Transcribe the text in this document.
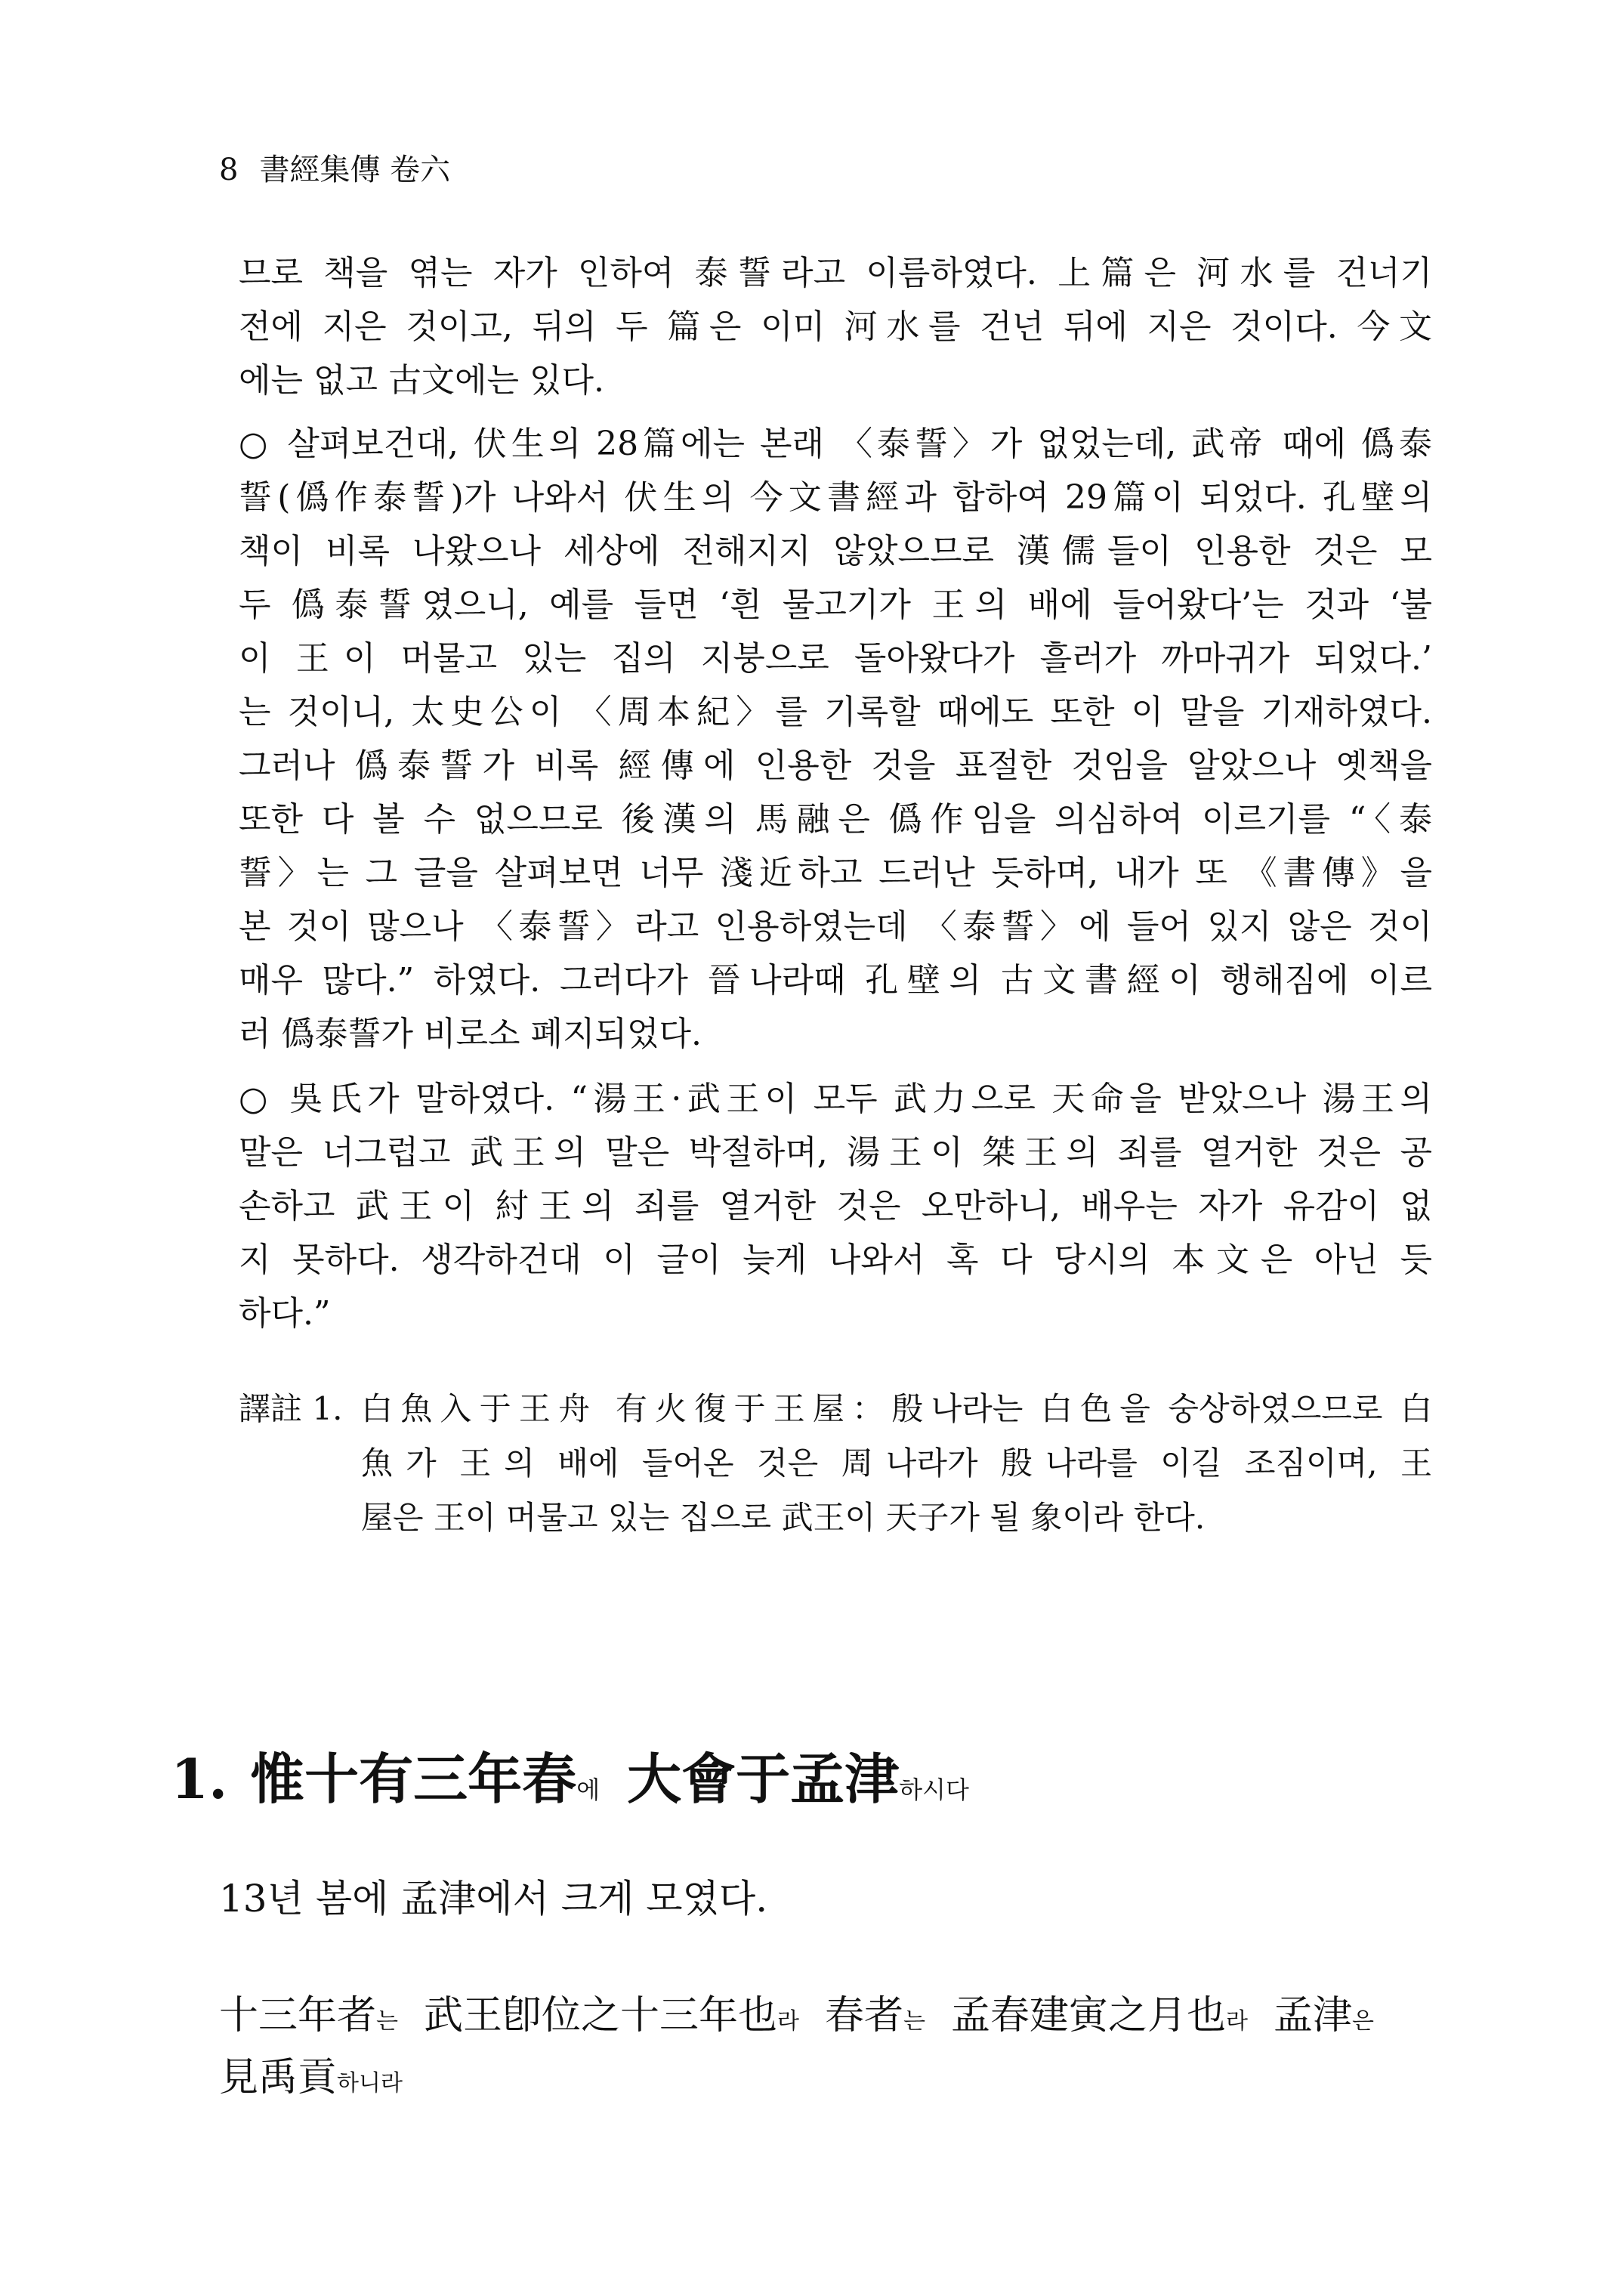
8 書經集傳 卷六
므로 책을 엮는 자가 인하여 泰誓라고 이름하였다. 上篇은 河水를 건너기
전에 지은 것이고, 뒤의 두 篇은 이미 河水를 건넌 뒤에 지은 것이다. 今文
에는 없고 古文에는 있다.
○ 살펴보건대, 伏生의 28篇에는 본래 〈泰誓〉가 없었는데, 武帝 때에 僞泰
誓(僞作泰誓)가 나와서 伏生의 今文書經과 합하여 29篇이 되었다. 孔壁의
책이 비록 나왔으나 세상에 전해지지 않았으므로 漢儒들이 인용한 것은 모
두 僞泰誓였으니, 예를 들면 ‘흰 물고기가 王의 배에 들어왔다’는 것과 ‘불
이 王이 머물고 있는 집의 지붕으로 돌아왔다가 흘러가 까마귀가 되었다.’
는 것이니, 太史公이 〈周本紀〉를 기록할 때에도 또한 이 말을 기재하였다.
그러나 僞泰誓가 비록 經傳에 인용한 것을 표절한 것임을 알았으나 옛책을
또한 다 볼 수 없으므로 後漢의 馬融은 僞作임을 의심하여 이르기를 “〈泰
誓〉는 그 글을 살펴보면 너무 淺近하고 드러난 듯하며, 내가 또 《書傳》을
본 것이 많으나 〈泰誓〉라고 인용하였는데 〈泰誓〉에 들어 있지 않은 것이
매우 많다.” 하였다. 그러다가 晉나라때 孔壁의 古文書經이 행해짐에 이르
러 僞泰誓가 비로소 폐지되었다.
○ 吳氏가 말하였다. “湯王·武王이 모두 武力으로 天命을 받았으나 湯王의
말은 너그럽고 武王의 말은 박절하며, 湯王이 桀王의 죄를 열거한 것은 공
손하고 武王이 紂王의 죄를 열거한 것은 오만하니, 배우는 자가 유감이 없
지 못하다. 생각하건대 이 글이 늦게 나와서 혹 다 당시의 本文은 아닌 듯
하다.”
譯註 1. 白魚入于王舟 有火復于王屋：殷나라는 白色을 숭상하였으므로 白
魚가 王의 배에 들어온 것은 周나라가 殷나라를 이길 조짐이며, 王
屋은 王이 머물고 있는 집으로 武王이 天子가 될 象이라 한다.
1. 惟十有三年春에 大會于孟津하시다
13년 봄에 孟津에서 크게 모였다.
十三年者는 武王卽位之十三年也라 春者는 孟春建寅之月也라 孟津은
見禹貢하니라
